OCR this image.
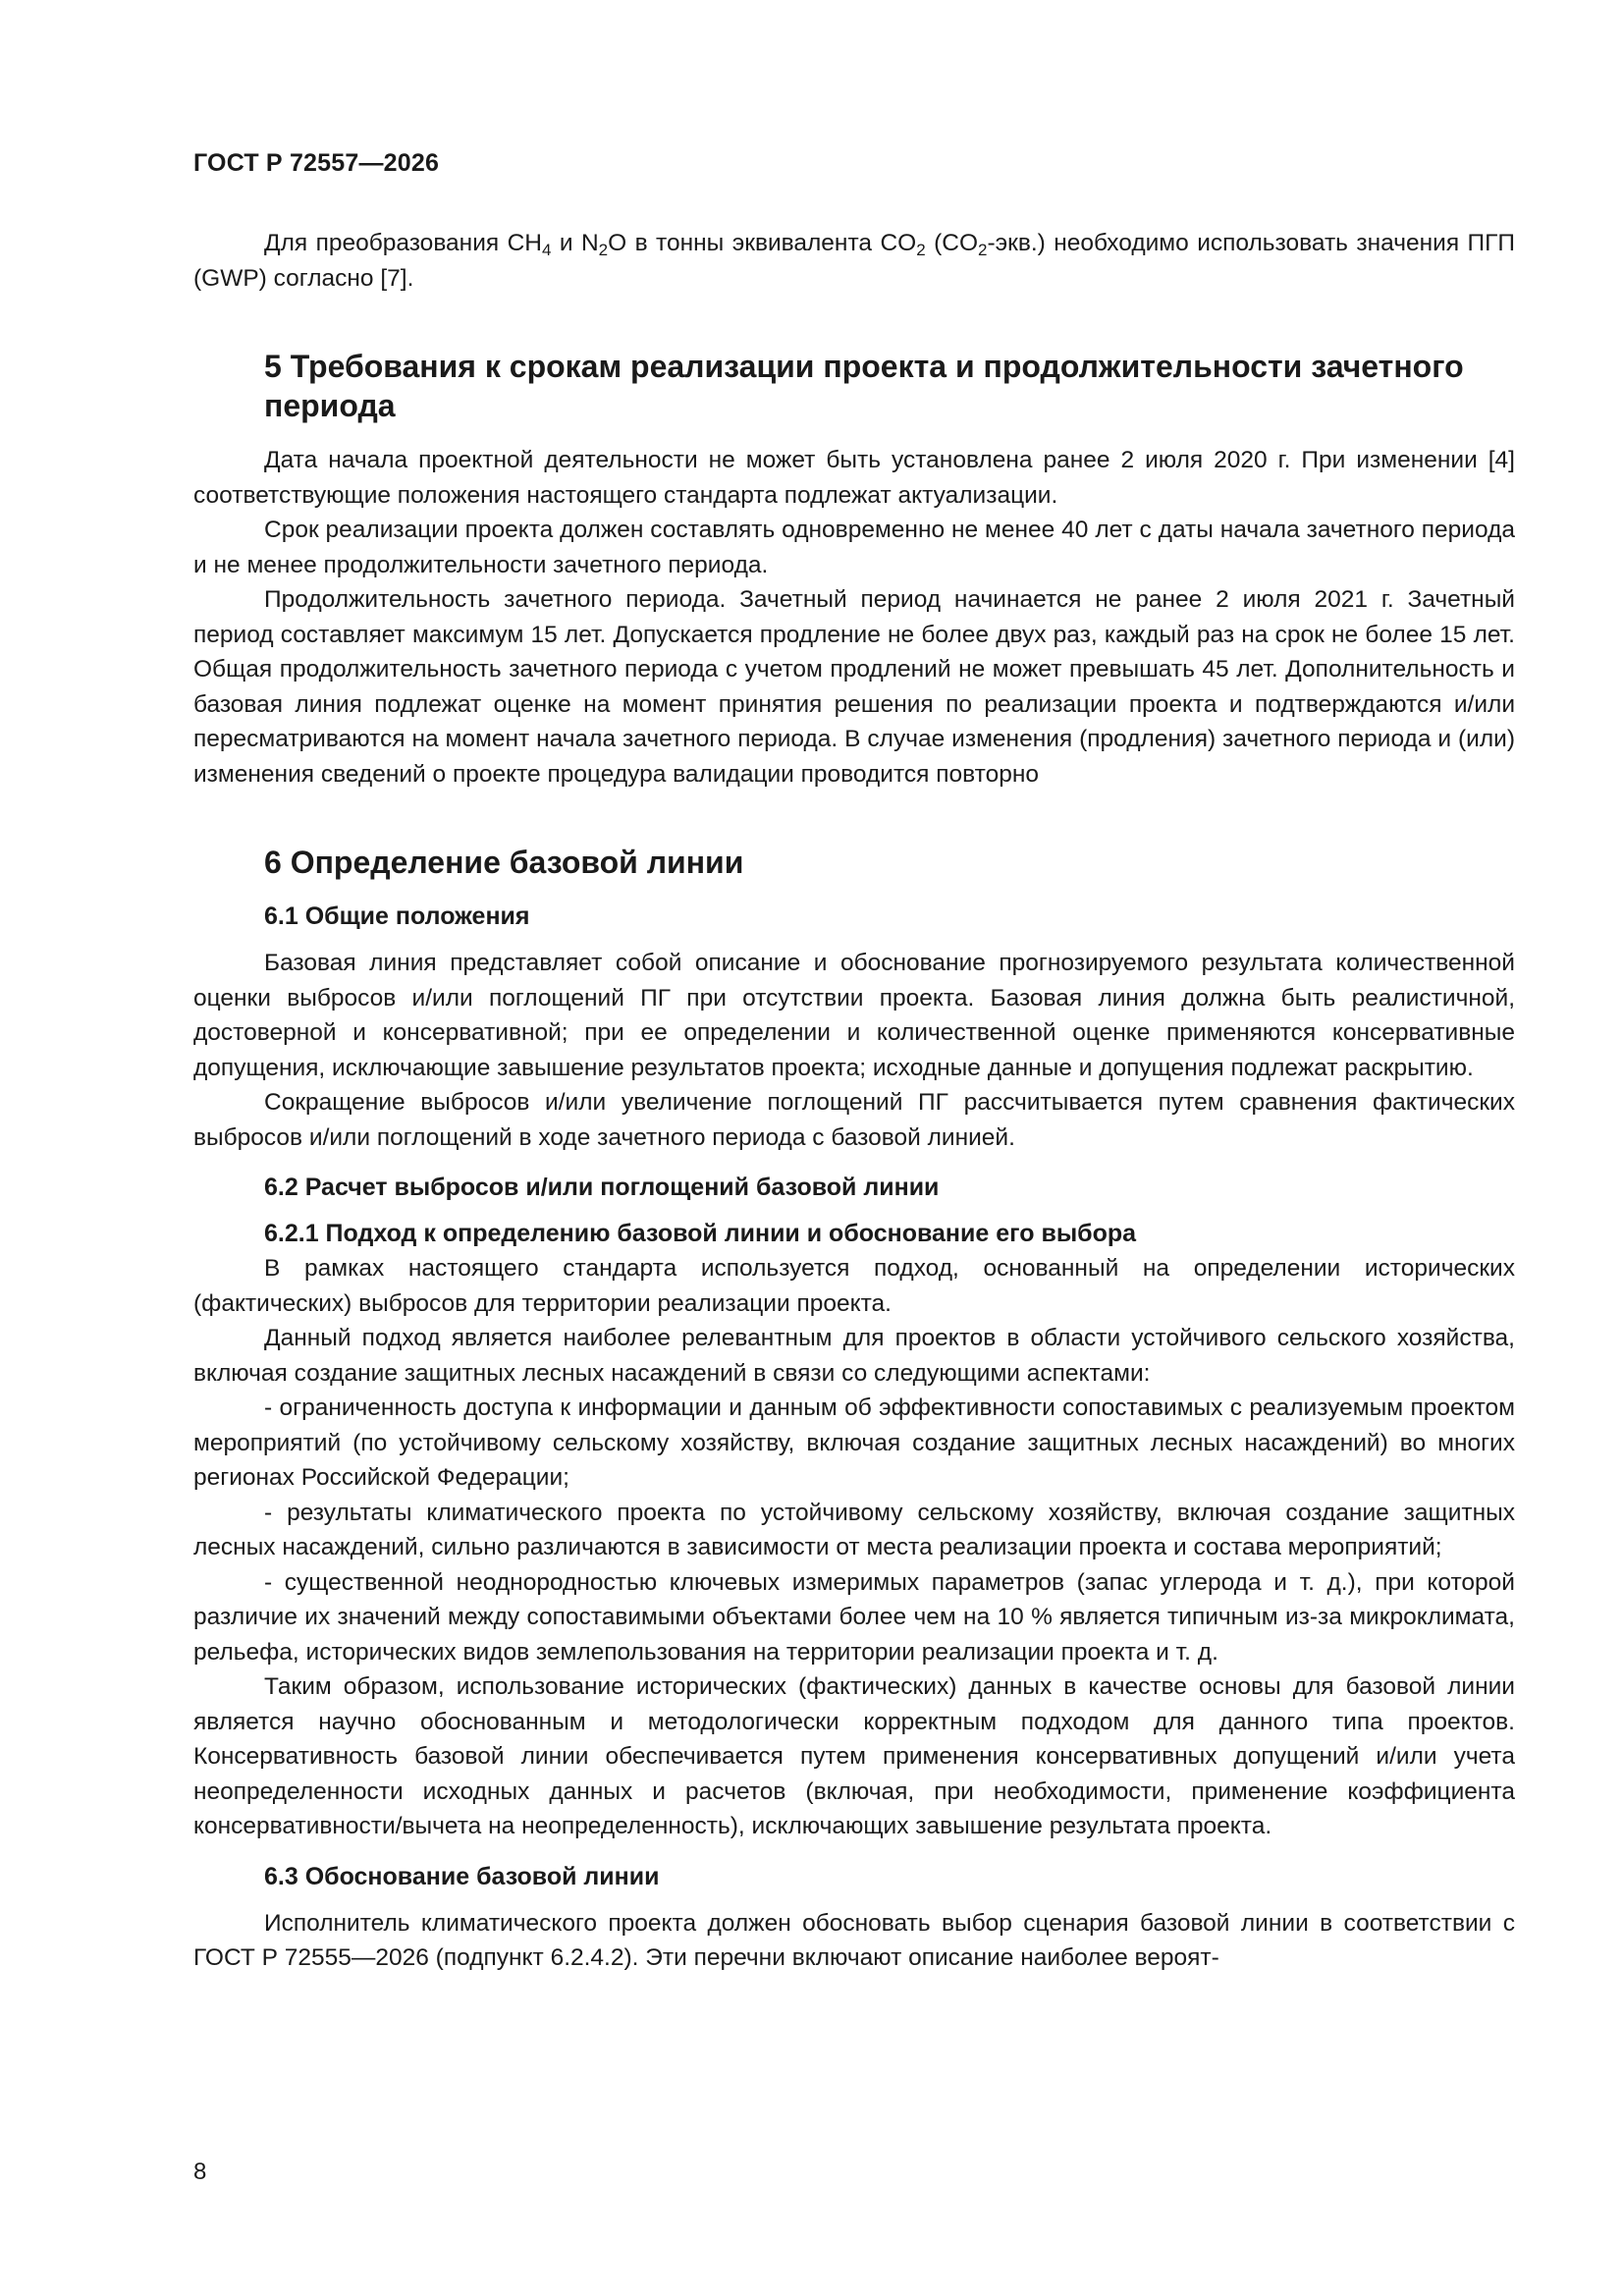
ГОСТ Р 72557—2026

Для преобразования $CH_4$ и $N_2O$ в тонны эквивалента $CO_2$ $(CO_2-экв.)$ необходимо использовать значения ПГП (GWP) согласно [7].

5 Требования к срокам реализации проекта и продолжительности зачетного периода

Дата начала проектной деятельности не может быть установлена ранее 2 июля 2020 г. При изменении [4] соответствующие положения настоящего стандарта подлежат актуализации.

Срок реализации проекта должен составлять одновременно не менее 40 лет с даты начала зачетного периода и не менее продолжительности зачетного периода.

Продолжительность зачетного периода. Зачетный период начинается не ранее 2 июля 2021 г. Зачетный период составляет максимум 15 лет. Допускается продление не более двух раз, каждый раз на срок не более 15 лет. Общая продолжительность зачетного периода с учетом продлений не может превышать 45 лет. Дополнительность и базовая линия подлежат оценке на момент принятия решения по реализации проекта и подтверждаются и/или пересматриваются на момент начала зачетного периода. В случае изменения (продления) зачетного периода и (или) изменения сведений о проекте процедура валидации проводится повторно

6 Определение базовой линии
6.1 Общие положения

Базовая линия представляет собой описание и обоснование прогнозируемого результата количественной оценки выбросов и/или поглощений ПГ при отсутствии проекта. Базовая линия должна быть реалистичной, достоверной и консервативной; при ее определении и количественной оценке применяются консервативные допущения, исключающие завышение результатов проекта; исходные данные и допущения подлежат раскрытию.

Сокращение выбросов и/или увеличение поглощений ПГ рассчитывается путем сравнения фактических выбросов и/или поглощений в ходе зачетного периода с базовой линией.

6.2 Расчет выбросов и/или поглощений базовой линии
6.2.1 Подход к определению базовой линии и обоснование его выбора

В рамках настоящего стандарта используется подход, основанный на определении исторических (фактических) выбросов для территории реализации проекта.

Данный подход является наиболее релевантным для проектов в области устойчивого сельского хозяйства, включая создание защитных лесных насаждений в связи со следующими аспектами:

- ограниченность доступа к информации и данным об эффективности сопоставимых с реализуемым проектом мероприятий (по устойчивому сельскому хозяйству, включая создание защитных лесных насаждений) во многих регионах Российской Федерации;

- результаты климатического проекта по устойчивому сельскому хозяйству, включая создание защитных лесных насаждений, сильно различаются в зависимости от места реализации проекта и состава мероприятий;

- существенной неоднородностью ключевых измеримых параметров (запас углерода и т. д.), при которой различие их значений между сопоставимыми объектами более чем на 10 % является типичным из-за микроклимата, рельефа, исторических видов землепользования на территории реализации проекта и т. д.

Таким образом, использование исторических (фактических) данных в качестве основы для базовой линии является научно обоснованным и методологически корректным подходом для данного типа проектов. Консервативность базовой линии обеспечивается путем применения консервативных допущений и/или учета неопределенности исходных данных и расчетов (включая, при необходимости, применение коэффициента консервативности/вычета на неопределенность), исключающих завышение результата проекта.

6.3 Обоснование базовой линии

Исполнитель климатического проекта должен обосновать выбор сценария базовой линии в соответствии с ГОСТ Р 72555—2026 (подпункт 6.2.4.2). Эти перечни включают описание наиболее вероят-

8
